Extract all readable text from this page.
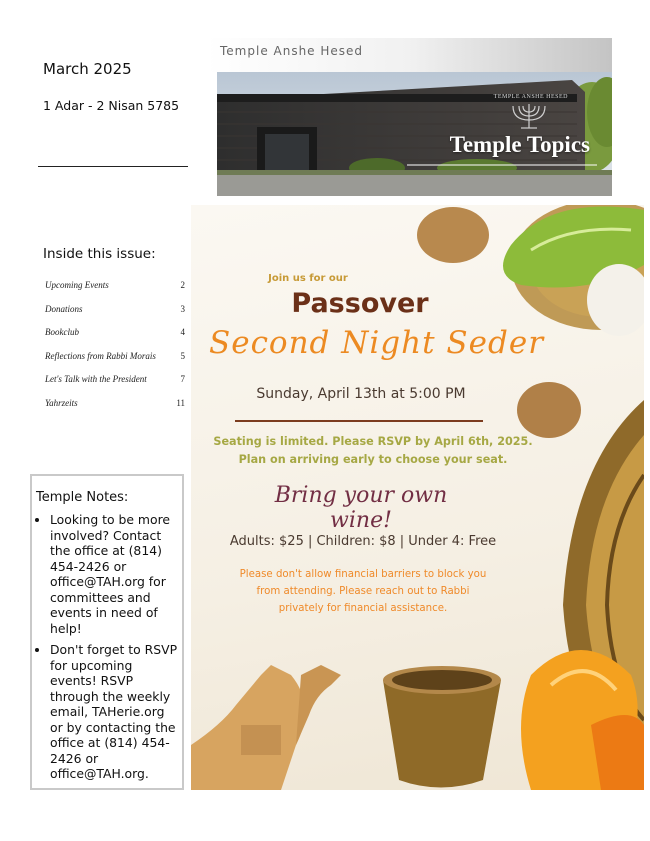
March 2025
1 Adar - 2 Nisan 5785
Inside this issue:
Upcoming Events	2
Donations	3
Bookclub	4
Reflections from Rabbi Morais	5
Let's Talk with the President	7
Yahrzeits	11
Temple Notes:
• Looking to be more involved? Contact the office at (814) 454-2426 or office@TAH.org for committees and events in need of help!
• Don't forget to RSVP for upcoming events! RSVP through the weekly email, TAHerie.org or by contacting the office at (814) 454-2426 or office@TAH.org.
Temple Anshe Hesed
TEMPLE ANSHE HESED
Temple Topics
Join us for our
Passover
Second Night Seder
Sunday, April 13th at 5:00 PM
Seating is limited. Please RSVP by April 6th, 2025. Plan on arriving early to choose your seat.
Bring your own wine!
Adults: $25 | Children: $8 | Under 4: Free
Please don't allow financial barriers to block you from attending. Please reach out to Rabbi privately for financial assistance.
